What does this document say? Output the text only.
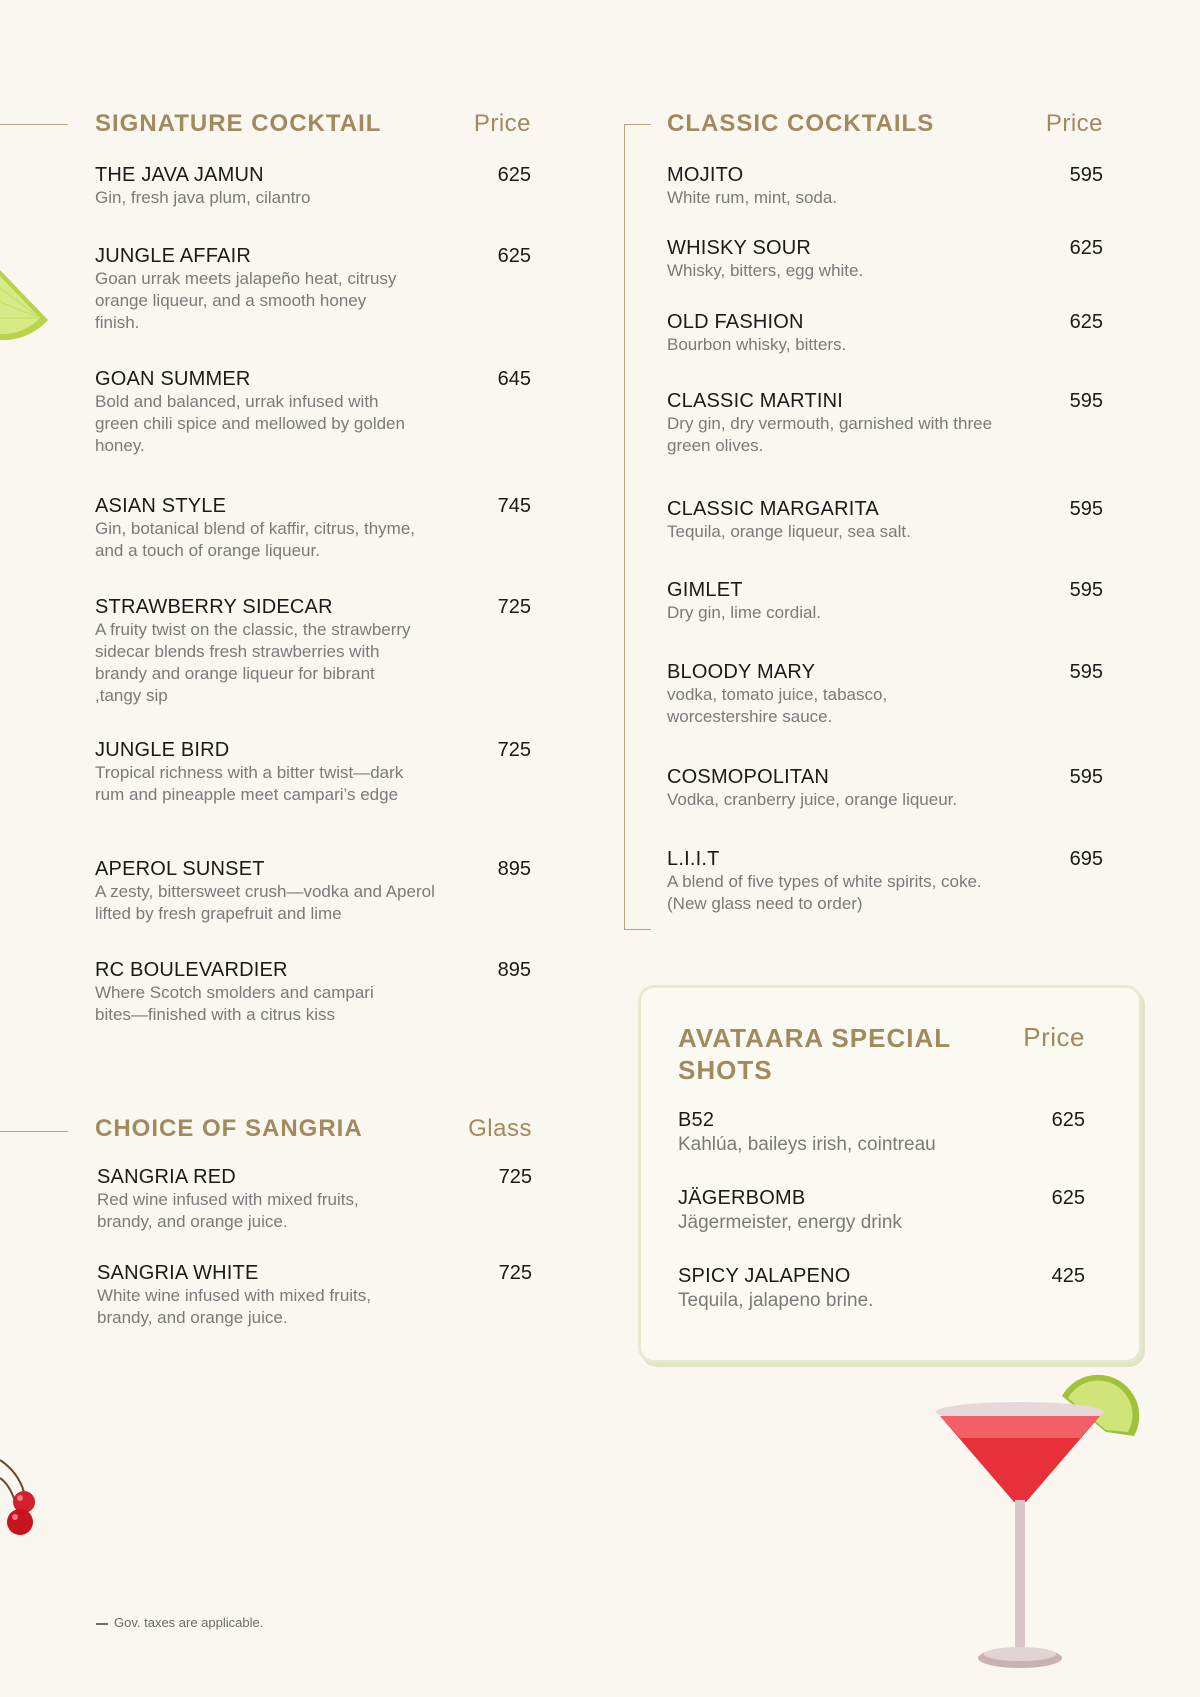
SIGNATURE COCKTAIL	Price
THE JAVA JAMUN	625
Gin, fresh java plum, cilantro
JUNGLE AFFAIR	625
Goan urrak meets jalapeño heat, citrusy orange liqueur, and a smooth honey finish.
GOAN SUMMER	645
Bold and balanced, urrak infused with green chili spice and mellowed by golden honey.
ASIAN STYLE	745
Gin, botanical blend of kaffir, citrus, thyme, and a touch of orange liqueur.
STRAWBERRY SIDECAR	725
A fruity twist on the classic, the strawberry sidecar blends fresh strawberries with brandy and orange liqueur for bibrant ,tangy sip
JUNGLE BIRD	725
Tropical richness with a bitter twist—dark rum and pineapple meet campari’s edge
APEROL SUNSET	895
A zesty, bittersweet crush—vodka and Aperol lifted by fresh grapefruit and lime
RC BOULEVARDIER	895
Where Scotch smolders and campari bites—finished with a citrus kiss
CHOICE OF SANGRIA	Glass
SANGRIA RED	725
Red wine infused with mixed fruits, brandy, and orange juice.
SANGRIA WHITE	725
White wine infused with mixed fruits, brandy, and orange juice.
CLASSIC COCKTAILS	Price
MOJITO	595
White rum, mint, soda.
WHISKY SOUR	625
Whisky, bitters, egg white.
OLD FASHION	625
Bourbon whisky, bitters.
CLASSIC MARTINI	595
Dry gin, dry vermouth, garnished with three green olives.
CLASSIC MARGARITA	595
Tequila, orange liqueur, sea salt.
GIMLET	595
Dry gin, lime cordial.
BLOODY MARY	595
vodka, tomato juice, tabasco, worcestershire sauce.
COSMOPOLITAN	595
Vodka, cranberry juice, orange liqueur.
L.I.I.T	695
A blend of five types of white spirits, coke.(New glass need to order)
AVATAARA SPECIAL
SHOTS
Price
B52	625
Kahlúa, baileys irish, cointreau
JÄGERBOMB	625
Jägermeister, energy drink
SPICY JALAPENO	425
Tequila, jalapeno brine.
Gov. taxes are applicable.
